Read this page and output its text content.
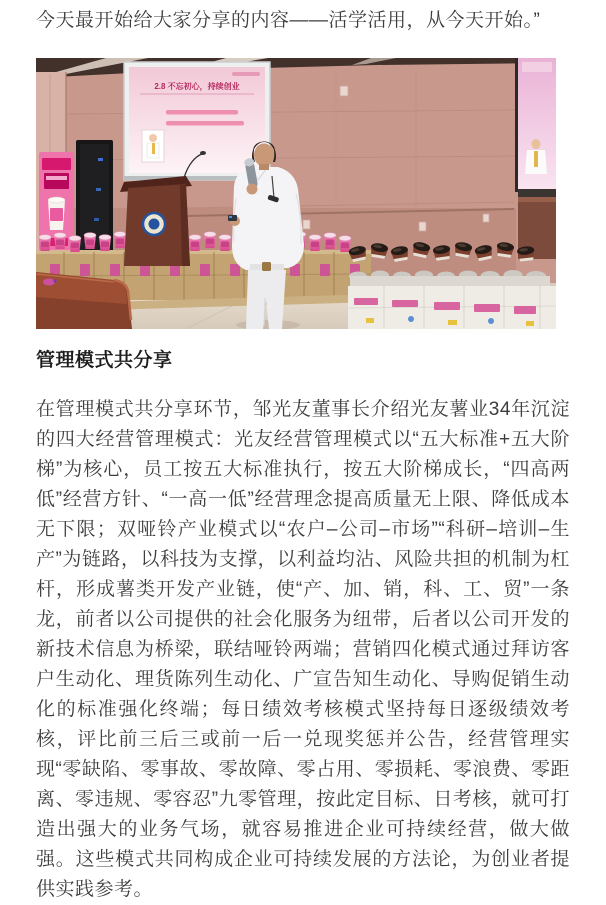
今天最开始给大家分享的内容——活学活用，从今天开始。”

2.8 不忘初心，持续创业
管理模式共分享

在管理模式共分享环节，邹光友董事长介绍光友薯业34年沉淀的四大经营管理模式：光友经营管理模式以“五大标准+五大阶梯”为核心，员工按五大标准执行，按五大阶梯成长，“四高两低”经营方针、“一高一低”经营理念提高质量无上限、降低成本无下限；双哑铃产业模式以“农户–公司–市场”“科研–培训–生产”为链路，以科技为支撑，以利益均沾、风险共担的机制为杠杆，形成薯类开发产业链，使“产、加、销，科、工、贸”一条龙，前者以公司提供的社会化服务为纽带，后者以公司开发的新技术信息为桥梁，联结哑铃两端；营销四化模式通过拜访客户生动化、理货陈列生动化、广宣告知生动化、导购促销生动化的标准强化终端；每日绩效考核模式坚持每日逐级绩效考核，评比前三后三或前一后一兑现奖惩并公告，经营管理实现“零缺陷、零事故、零故障、零占用、零损耗、零浪费、零距离、零违规、零容忍”九零管理，按此定目标、日考核，就可打造出强大的业务气场，就容易推进企业可持续经营，做大做强。这些模式共同构成企业可持续发展的方法论，为创业者提供实践参考。
